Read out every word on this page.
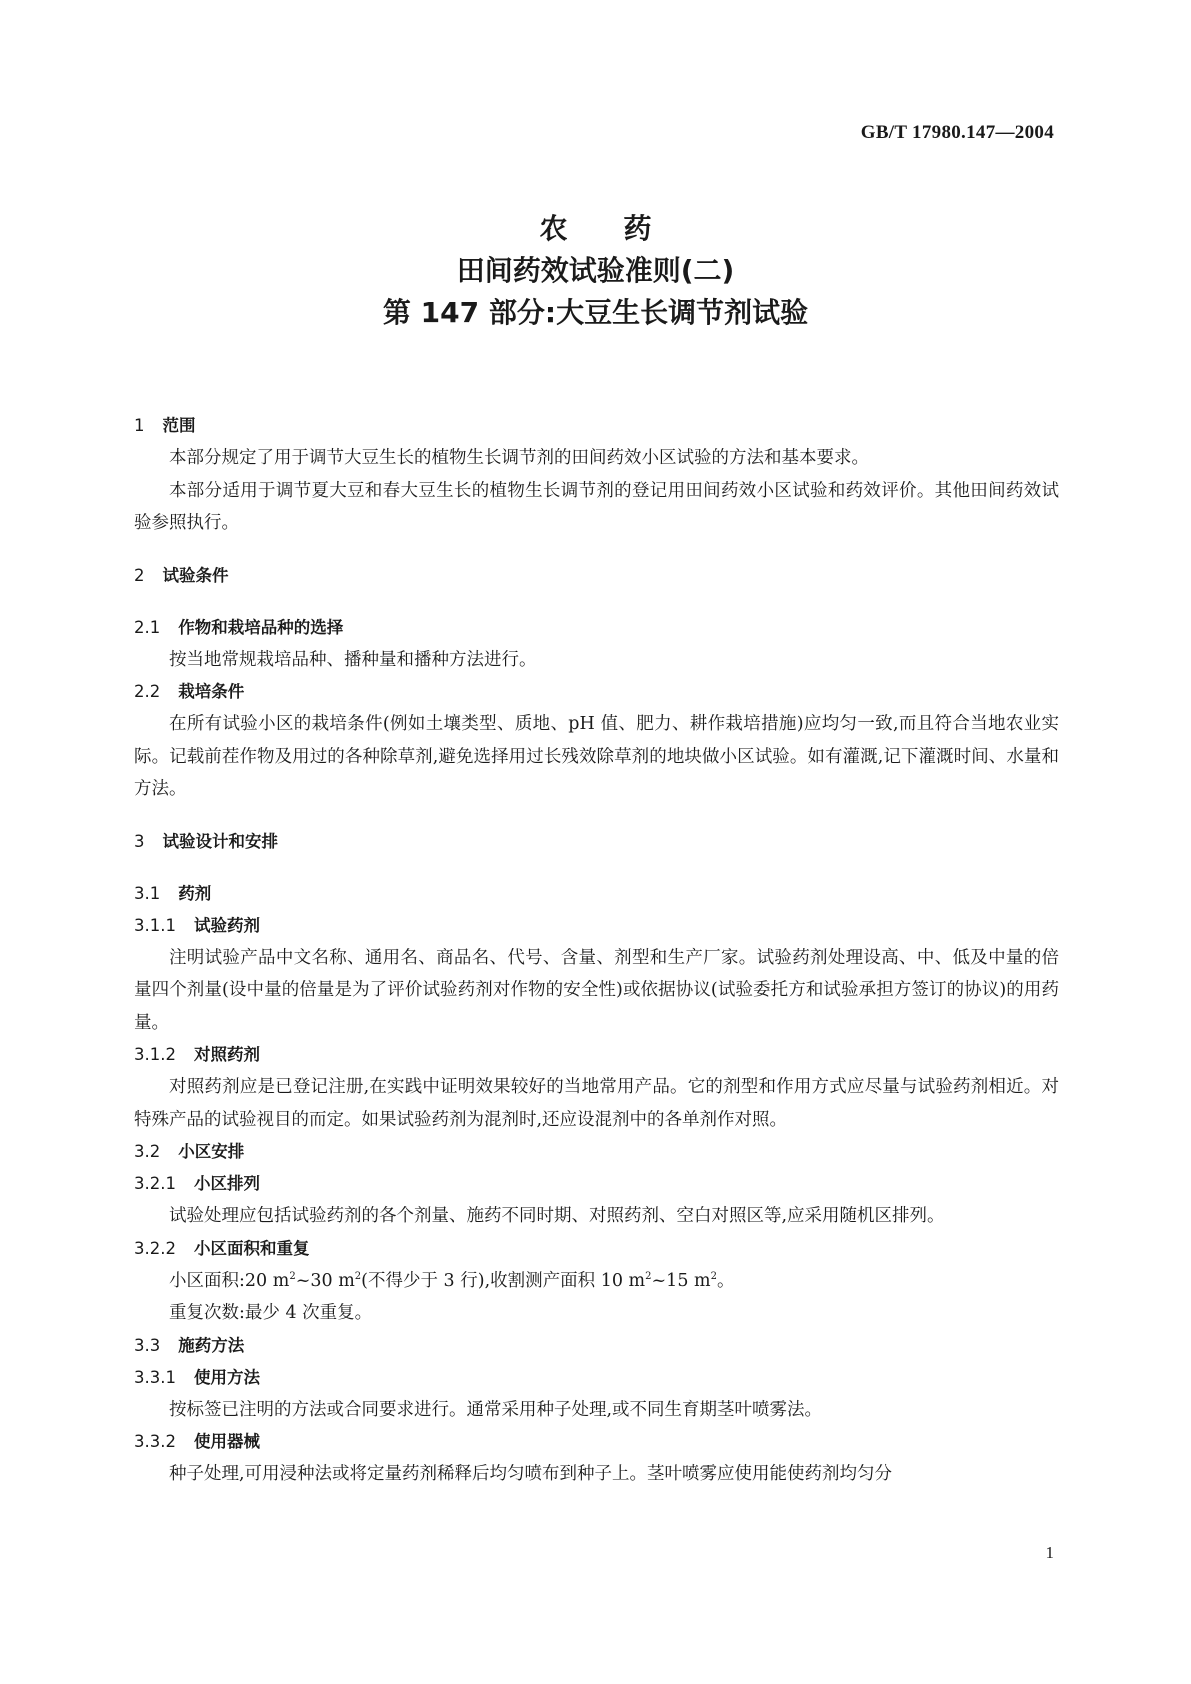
GB/T 17980.147—2004
农药
田间药效试验准则(二)
第 147 部分:大豆生长调节剂试验
1 范围
本部分规定了用于调节大豆生长的植物生长调节剂的田间药效小区试验的方法和基本要求。
本部分适用于调节夏大豆和春大豆生长的植物生长调节剂的登记用田间药效小区试验和药效评价。其他田间药效试验参照执行。
2 试验条件
2.1 作物和栽培品种的选择
按当地常规栽培品种、播种量和播种方法进行。
2.2 栽培条件
在所有试验小区的栽培条件(例如土壤类型、质地、pH 值、肥力、耕作栽培措施)应均匀一致,而且符合当地农业实际。记载前茬作物及用过的各种除草剂,避免选择用过长残效除草剂的地块做小区试验。如有灌溉,记下灌溉时间、水量和方法。
3 试验设计和安排
3.1 药剂
3.1.1 试验药剂
注明试验产品中文名称、通用名、商品名、代号、含量、剂型和生产厂家。试验药剂处理设高、中、低及中量的倍量四个剂量(设中量的倍量是为了评价试验药剂对作物的安全性)或依据协议(试验委托方和试验承担方签订的协议)的用药量。
3.1.2 对照药剂
对照药剂应是已登记注册,在实践中证明效果较好的当地常用产品。它的剂型和作用方式应尽量与试验药剂相近。对特殊产品的试验视目的而定。如果试验药剂为混剂时,还应设混剂中的各单剂作对照。
3.2 小区安排
3.2.1 小区排列
试验处理应包括试验药剂的各个剂量、施药不同时期、对照药剂、空白对照区等,应采用随机区排列。
3.2.2 小区面积和重复
小区面积:20 $m^2\sim 30$ $m^2$(不得少于 3 行),收割测产面积 10 $m^2\sim 15$ $m^2$。
重复次数:最少 4 次重复。
3.3 施药方法
3.3.1 使用方法
按标签已注明的方法或合同要求进行。通常采用种子处理,或不同生育期茎叶喷雾法。
3.3.2 使用器械
种子处理,可用浸种法或将定量药剂稀释后均匀喷布到种子上。茎叶喷雾应使用能使药剂均匀分
1
